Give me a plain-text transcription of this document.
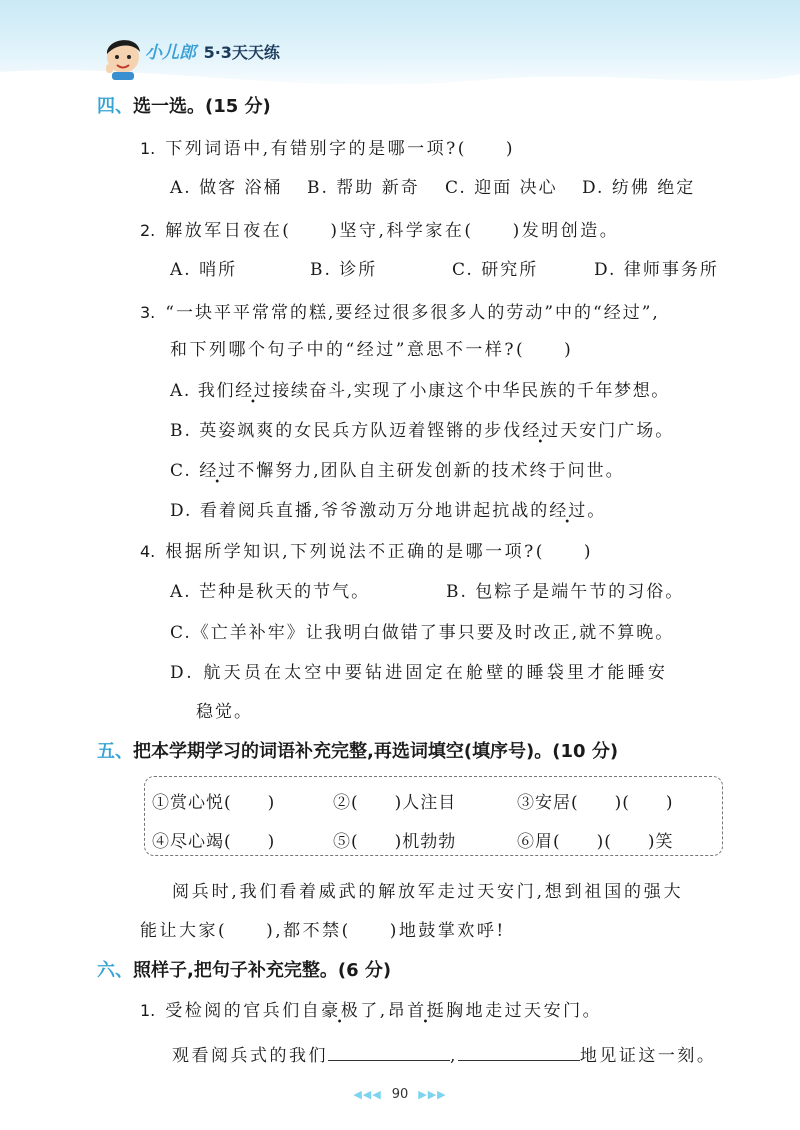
小儿郎 5·3天天练
四、选一选。(15 分)
1. 下列词语中,有错别字的是哪一项?(　　)
A. 做客 浴桶 B. 帮助 新奇 C. 迎面 决心 D. 纺佛 绝定
2. 解放军日夜在(　　)坚守,科学家在(　　)发明创造。
A. 哨所	B. 诊所	C. 研究所	D. 律师事务所
3. “一块平平常常的糕,要经过很多很多人的劳动”中的“经过”,
和下列哪个句子中的“经过”意思不一样?(　　)
A. 我们经过接续奋斗,实现了小康这个中华民族的千年梦想。
B. 英姿飒爽的女民兵方队迈着铿锵的步伐经过天安门广场。
C. 经过不懈努力,团队自主研发创新的技术终于问世。
D. 看着阅兵直播,爷爷激动万分地讲起抗战的经过。
4. 根据所学知识,下列说法不正确的是哪一项?(　　)
A. 芒种是秋天的节气。	B. 包粽子是端午节的习俗。
C.《亡羊补牢》让我明白做错了事只要及时改正,就不算晚。
D. 航天员在太空中要钻进固定在舱壁的睡袋里才能睡安
稳觉。
五、把本学期学习的词语补充完整,再选词填空(填序号)。(10 分)
①赏心悦(　　)	②(　　)人注目	③安居(　　)(　　)
④尽心竭(　　)	⑤(　　)机勃勃	⑥眉(　　)(　　)笑
阅兵时,我们看着威武的解放军走过天安门,想到祖国的强大
能让大家(　　),都不禁(　　)地鼓掌欢呼!
六、照样子,把句子补充完整。(6 分)
1. 受检阅的官兵们自豪极了,昂首挺胸地走过天安门。
观看阅兵式的我们	,	地见证这一刻。
◀◀◀ 90 ▶▶▶
